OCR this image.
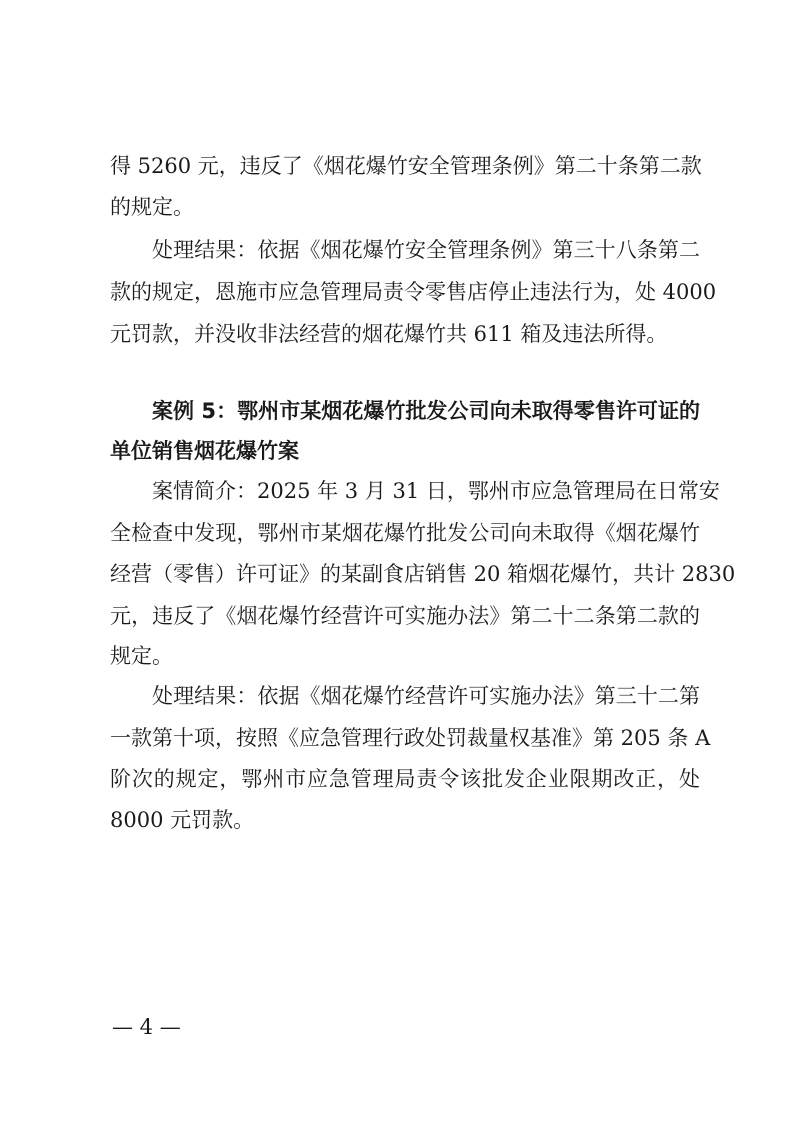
得 5260 元，违反了《烟花爆竹安全管理条例》第二十条第二款
的规定。
处理结果：依据《烟花爆竹安全管理条例》第三十八条第二
款的规定，恩施市应急管理局责令零售店停止违法行为，处 4000
元罚款，并没收非法经营的烟花爆竹共 611 箱及违法所得。
案例 5：鄂州市某烟花爆竹批发公司向未取得零售许可证的
单位销售烟花爆竹案
案情简介：2025 年 3 月 31 日，鄂州市应急管理局在日常安
全检查中发现，鄂州市某烟花爆竹批发公司向未取得《烟花爆竹
经营（零售）许可证》的某副食店销售 20 箱烟花爆竹，共计 2830
元，违反了《烟花爆竹经营许可实施办法》第二十二条第二款的
规定。
处理结果：依据《烟花爆竹经营许可实施办法》第三十二第
一款第十项，按照《应急管理行政处罚裁量权基准》第 205 条 A
阶次的规定，鄂州市应急管理局责令该批发企业限期改正，处
8000 元罚款。
— 4 —
